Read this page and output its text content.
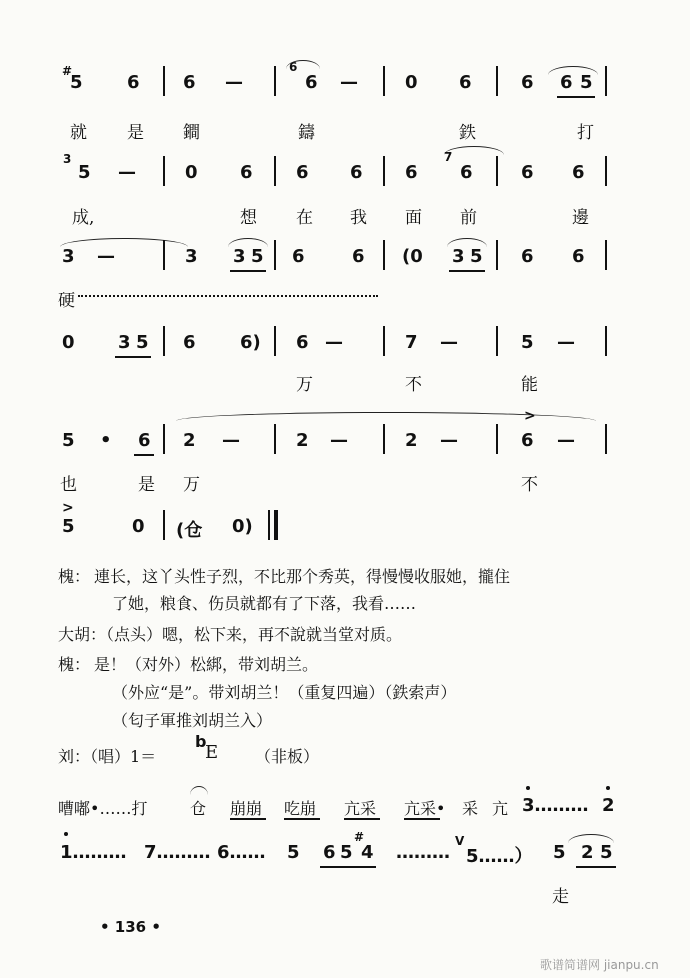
#
5 6 6 —
6
6 —	0 6	6 6 5
就 是 鐧	鑄	鉄	打
3
5 —	0 6 6 6 6
7
6	6 6
成,	想 在 我 面 前	邊
3 —	3 3 5 6	6 (0 3 5 6 6
硬
0 3 5 6 6) 6 —	7 —	5 —
万	不	能
5 • 6 2 —	2 —	2 —
>
6 —
也	是 万	不
>
5	0 (仓 0)
槐： 連长，这丫头性子烈，不比那个秀英，得慢慢收服她，攏住
了她，粮食、伤员就都有了下落，我看……
大胡：（点头）嗯，松下来，再不說就当堂对质。
槐： 是！（对外）松綁，带刘胡兰。
（外应“是”。带刘胡兰！（重复四遍）（鉄索声）
（匂子軍推刘胡兰入）
刘：（唱）1＝
b
E （非板）
嘈嘟•……打	仓 崩崩 吃崩 亢采 亢采• 采 亢 3……… 2
1……… 7……… 6…… 5 6 5
#
4 ………
V
5……） 5 2 5
走
• 136 •
歌谱简谱网 jianpu.cn
